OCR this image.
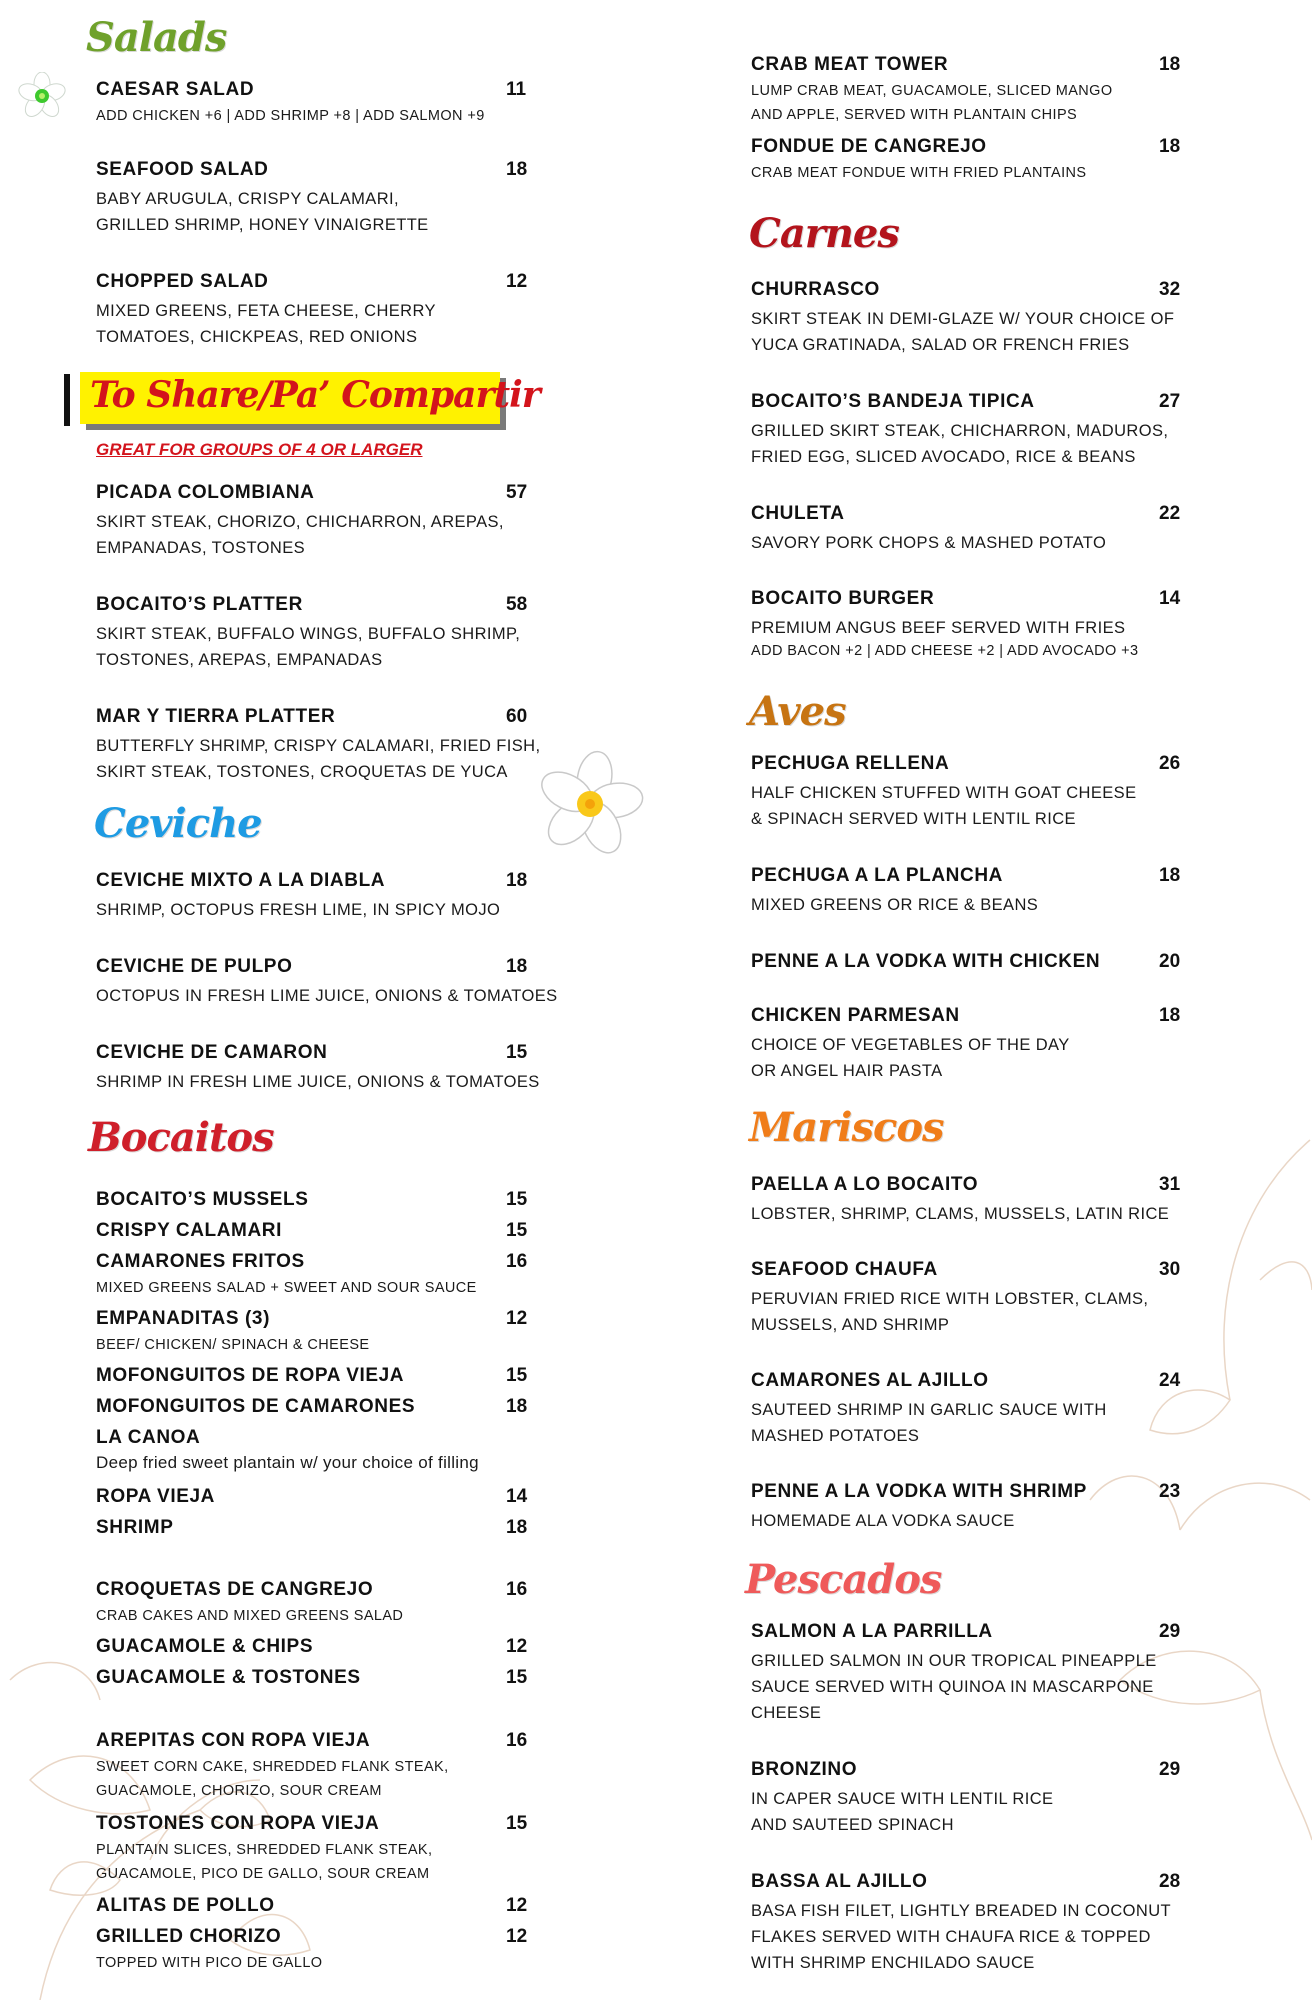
Salads
CAESAR SALAD	11
ADD CHICKEN +6 | ADD SHRIMP +8 | ADD SALMON +9
SEAFOOD SALAD	18
BABY ARUGULA, CRISPY CALAMARI,
GRILLED SHRIMP, HONEY VINAIGRETTE
CHOPPED SALAD	12
MIXED GREENS, FETA CHEESE, CHERRY
TOMATOES, CHICKPEAS, RED ONIONS
To Share/Pa’ Compartir
GREAT FOR GROUPS OF 4 OR LARGER
PICADA COLOMBIANA	57
SKIRT STEAK, CHORIZO, CHICHARRON, AREPAS,
EMPANADAS, TOSTONES
BOCAITO’S PLATTER	58
SKIRT STEAK, BUFFALO WINGS, BUFFALO SHRIMP,
TOSTONES, AREPAS, EMPANADAS
MAR Y TIERRA PLATTER	60
BUTTERFLY SHRIMP, CRISPY CALAMARI, FRIED FISH,
SKIRT STEAK, TOSTONES, CROQUETAS DE YUCA
Ceviche
CEVICHE MIXTO A LA DIABLA	18
SHRIMP, OCTOPUS FRESH LIME, IN SPICY MOJO
CEVICHE DE PULPO	18
OCTOPUS IN FRESH LIME JUICE, ONIONS & TOMATOES
CEVICHE DE CAMARON	15
SHRIMP IN FRESH LIME JUICE, ONIONS & TOMATOES
Bocaitos
BOCAITO’S MUSSELS	15
CRISPY CALAMARI	15
CAMARONES FRITOS	16
MIXED GREENS SALAD + SWEET AND SOUR SAUCE
EMPANADITAS (3)	12
BEEF/ CHICKEN/ SPINACH & CHEESE
MOFONGUITOS DE ROPA VIEJA	15
MOFONGUITOS DE CAMARONES	18
LA CANOA
Deep fried sweet plantain w/ your choice of filling
ROPA VIEJA	14
SHRIMP	18
CROQUETAS DE CANGREJO	16
CRAB CAKES AND MIXED GREENS SALAD
GUACAMOLE & CHIPS	12
GUACAMOLE & TOSTONES	15
AREPITAS CON ROPA VIEJA	16
SWEET CORN CAKE, SHREDDED FLANK STEAK,
GUACAMOLE, CHORIZO, SOUR CREAM
TOSTONES CON ROPA VIEJA	15
PLANTAIN SLICES, SHREDDED FLANK STEAK,
GUACAMOLE, PICO DE GALLO, SOUR CREAM
ALITAS DE POLLO	12
GRILLED CHORIZO	12
TOPPED WITH PICO DE GALLO
CRAB MEAT TOWER	18
LUMP CRAB MEAT, GUACAMOLE, SLICED MANGO
AND APPLE, SERVED WITH PLANTAIN CHIPS
FONDUE DE CANGREJO	18
CRAB MEAT FONDUE WITH FRIED PLANTAINS
Carnes
CHURRASCO	32
SKIRT STEAK IN DEMI-GLAZE W/ YOUR CHOICE OF
YUCA GRATINADA, SALAD OR FRENCH FRIES
BOCAITO’S BANDEJA TIPICA	27
GRILLED SKIRT STEAK, CHICHARRON, MADUROS,
FRIED EGG, SLICED AVOCADO, RICE & BEANS
CHULETA	22
SAVORY PORK CHOPS & MASHED POTATO
BOCAITO BURGER	14
PREMIUM ANGUS BEEF SERVED WITH FRIES
ADD BACON +2 | ADD CHEESE +2 | ADD AVOCADO +3
Aves
PECHUGA RELLENA	26
HALF CHICKEN STUFFED WITH GOAT CHEESE
& SPINACH SERVED WITH LENTIL RICE
PECHUGA A LA PLANCHA	18
MIXED GREENS OR RICE & BEANS
PENNE A LA VODKA WITH CHICKEN	20
CHICKEN PARMESAN	18
CHOICE OF VEGETABLES OF THE DAY
OR ANGEL HAIR PASTA
Mariscos
PAELLA A LO BOCAITO	31
LOBSTER, SHRIMP, CLAMS, MUSSELS, LATIN RICE
SEAFOOD CHAUFA	30
PERUVIAN FRIED RICE WITH LOBSTER, CLAMS,
MUSSELS, AND SHRIMP
CAMARONES AL AJILLO	24
SAUTEED SHRIMP IN GARLIC SAUCE WITH
MASHED POTATOES
PENNE A LA VODKA WITH SHRIMP	23
HOMEMADE ALA VODKA SAUCE
Pescados
SALMON A LA PARRILLA	29
GRILLED SALMON IN OUR TROPICAL PINEAPPLE
SAUCE SERVED WITH QUINOA IN MASCARPONE
CHEESE
BRONZINO	29
IN CAPER SAUCE WITH LENTIL RICE
AND SAUTEED SPINACH
BASSA AL AJILLO	28
BASA FISH FILET, LIGHTLY BREADED IN COCONUT
FLAKES SERVED WITH CHAUFA RICE & TOPPED
WITH SHRIMP ENCHILADO SAUCE
